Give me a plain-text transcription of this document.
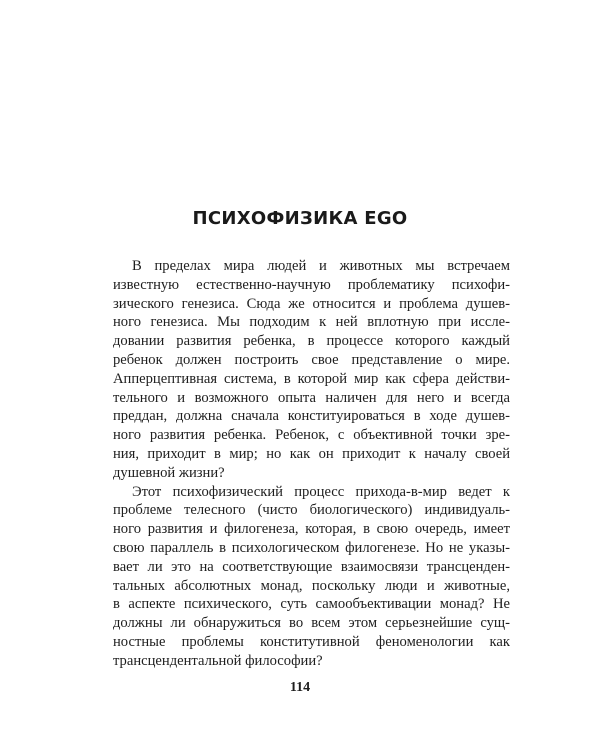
ПСИХОФИЗИКА EGO
В пределах мира людей и животных мы встречаем
известную естественно-научную проблематику психофи-
зического генезиса. Сюда же относится и проблема душев-
ного генезиса. Мы подходим к ней вплотную при иссле-
довании развития ребенка, в процессе которого каждый
ребенок должен построить свое представление о мире.
Апперцептивная система, в которой мир как сфера действи-
тельного и возможного опыта наличен для него и всегда
преддан, должна сначала конституироваться в ходе душев-
ного развития ребенка. Ребенок, с объективной точки зре-
ния, приходит в мир; но как он приходит к началу своей
душевной жизни?
Этот психофизический процесс прихода-в-мир ведет к
проблеме телесного (чисто биологического) индивидуаль-
ного развития и филогенеза, которая, в свою очередь, имеет
свою параллель в психологическом филогенезе. Но не указы-
вает ли это на соответствующие взаимосвязи трансценден-
тальных абсолютных монад, поскольку люди и животные,
в аспекте психического, суть самообъективации монад? Не
должны ли обнаружиться во всем этом серьезнейшие сущ-
ностные проблемы конститутивной феноменологии как
трансцендентальной философии?
114
